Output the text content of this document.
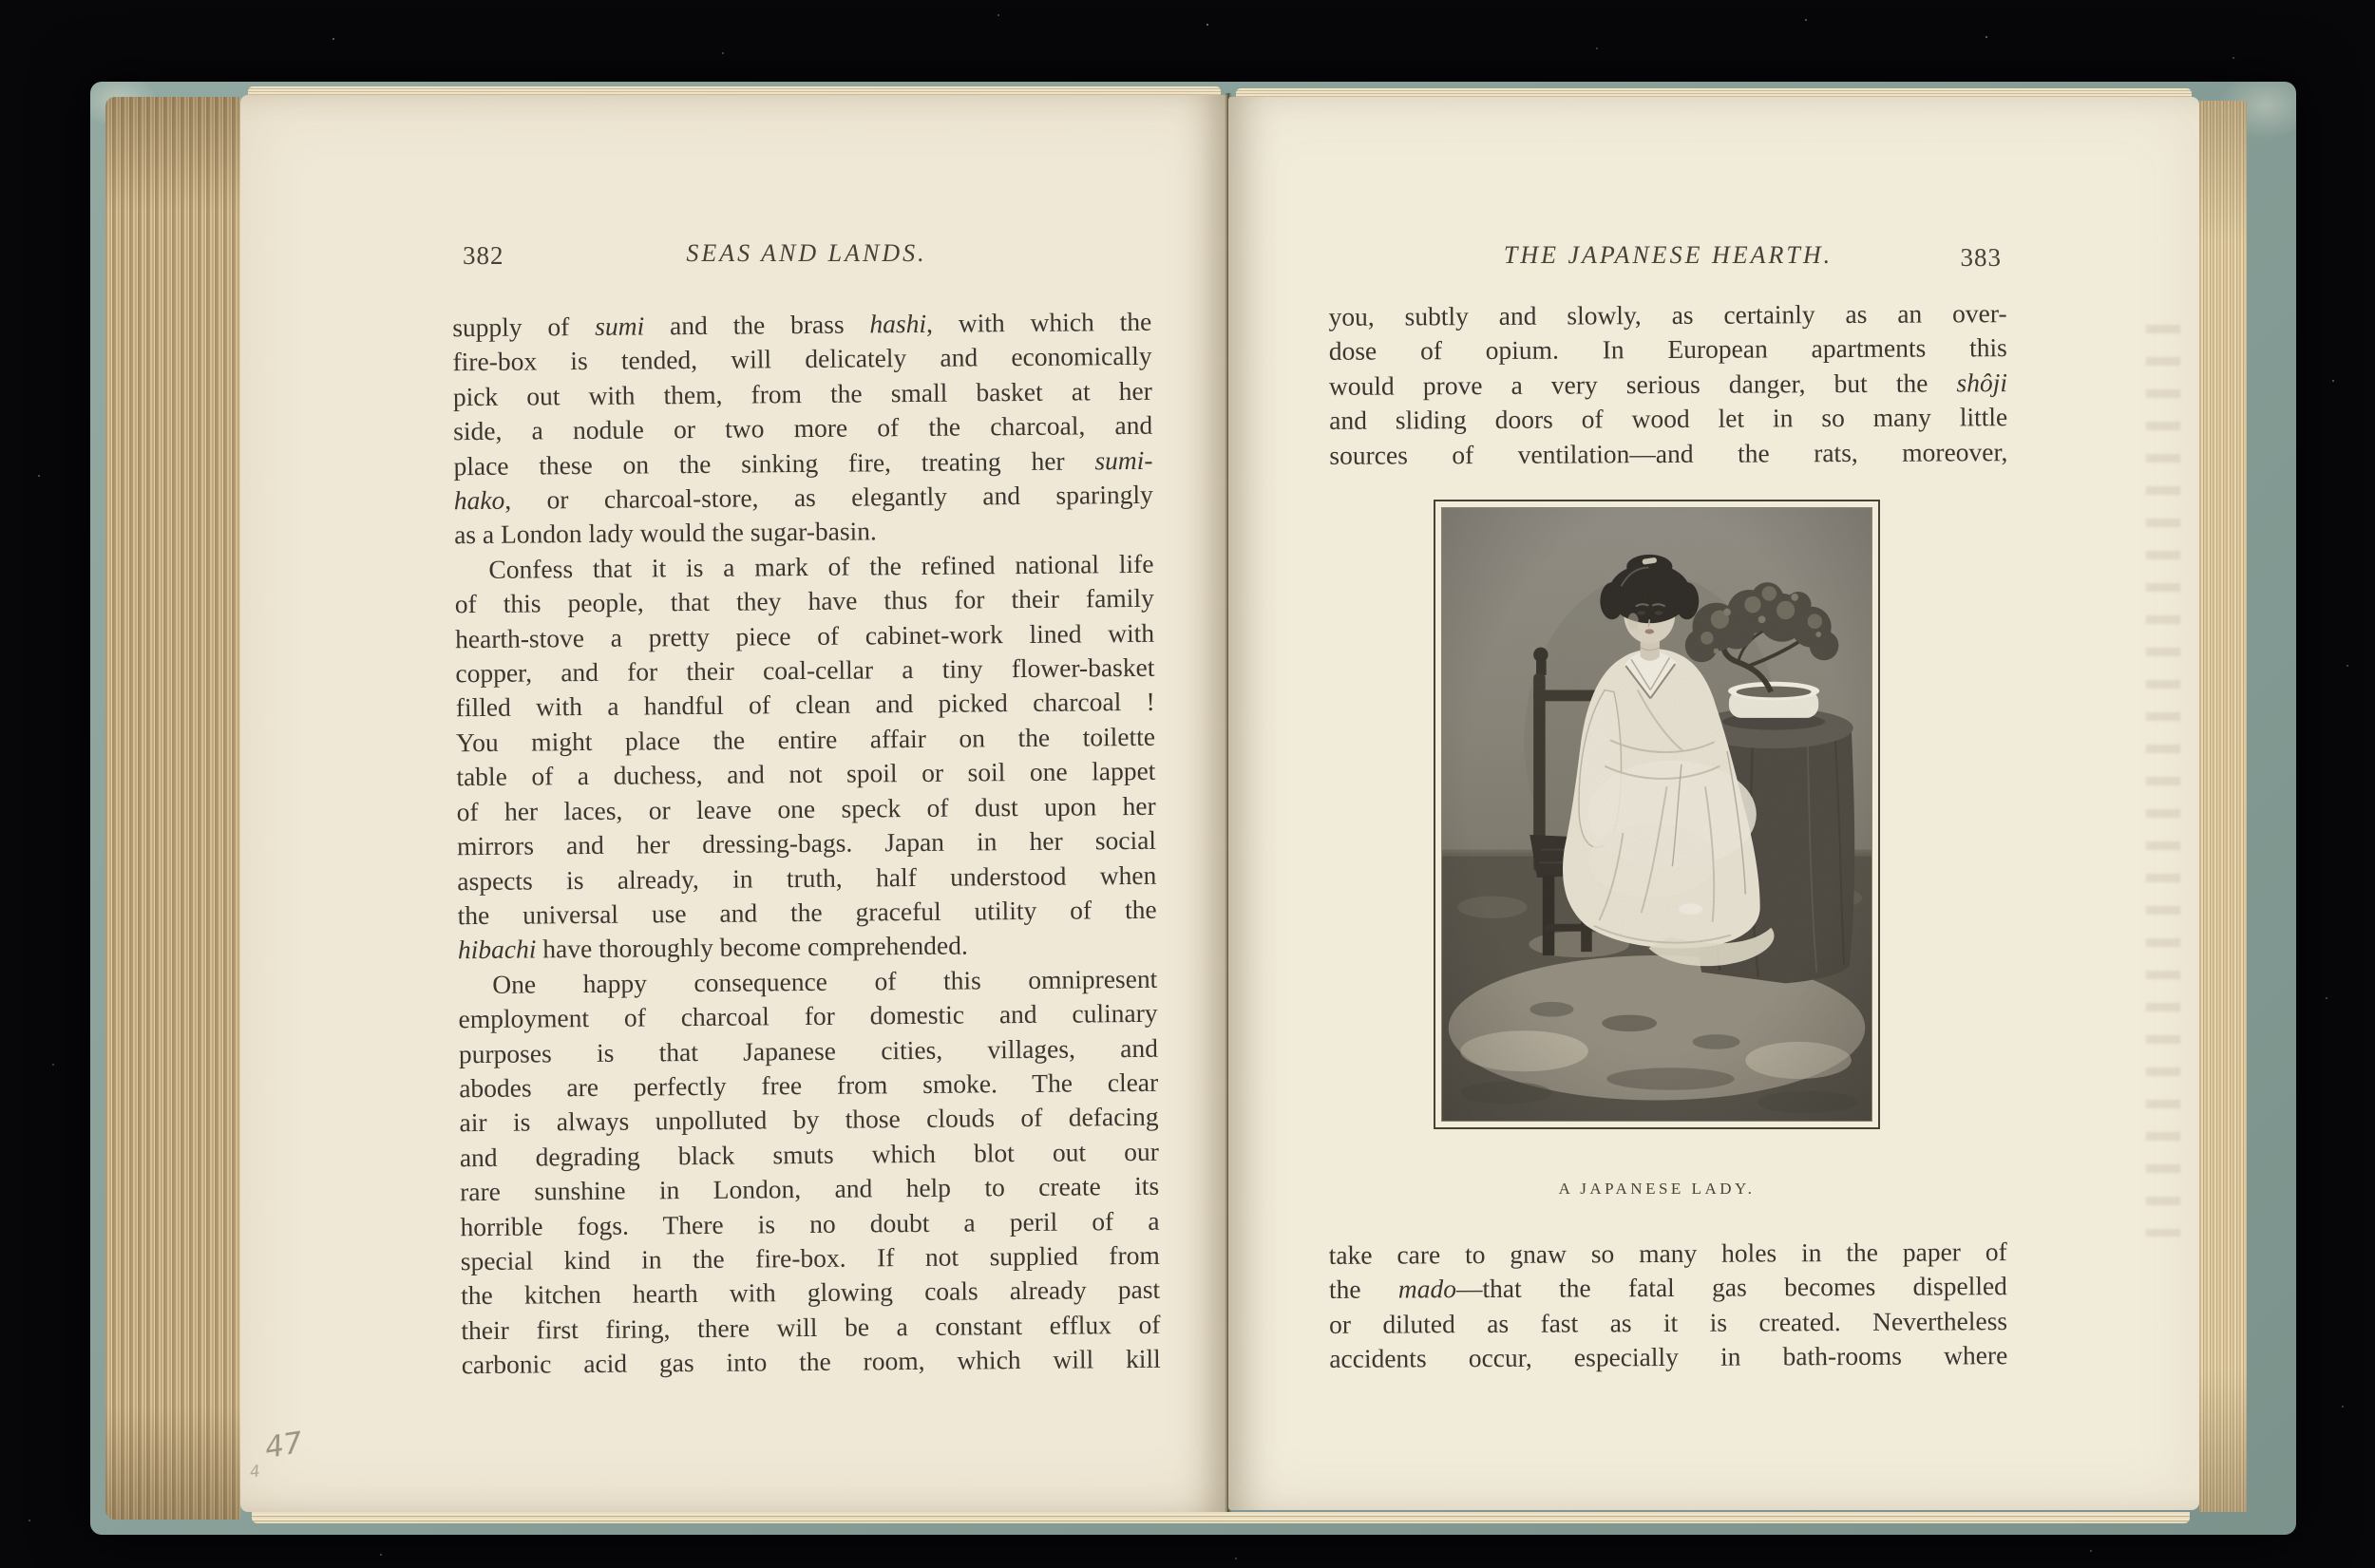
382	SEAS AND LANDS.
supply of sumi and the brass hashi, with which the
fire-box is tended, will delicately and economically
pick out with them, from the small basket at her
side, a nodule or two more of the charcoal, and
place these on the sinking fire, treating her sumi-
hako, or charcoal-store, as elegantly and sparingly
as a London lady would the sugar-basin.
Confess that it is a mark of the refined national life
of this people, that they have thus for their family
hearth-stove a pretty piece of cabinet-work lined with
copper, and for their coal-cellar a tiny flower-basket
filled with a handful of clean and picked charcoal !
You might place the entire affair on the toilette
table of a duchess, and not spoil or soil one lappet
of her laces, or leave one speck of dust upon her
mirrors and her dressing-bags. Japan in her social
aspects is already, in truth, half understood when
the universal use and the graceful utility of the
hibachi have thoroughly become comprehended.
One happy consequence of this omnipresent
employment of charcoal for domestic and culinary
purposes is that Japanese cities, villages, and
abodes are perfectly free from smoke. The clear
air is always unpolluted by those clouds of defacing
and degrading black smuts which blot out our
rare sunshine in London, and help to create its
horrible fogs. There is no doubt a peril of a
special kind in the fire-box. If not supplied from
the kitchen hearth with glowing coals already past
their first firing, there will be a constant efflux of
carbonic acid gas into the room, which will kill
47
4
THE JAPANESE HEARTH.	383
you, subtly and slowly, as certainly as an over-
dose of opium. In European apartments this
would prove a very serious danger, but the shôji
and sliding doors of wood let in so many little
sources of ventilation—and the rats, moreover,
A JAPANESE LADY.
take care to gnaw so many holes in the paper of
the mado—that the fatal gas becomes dispelled
or diluted as fast as it is created. Nevertheless
accidents occur, especially in bath-rooms where
